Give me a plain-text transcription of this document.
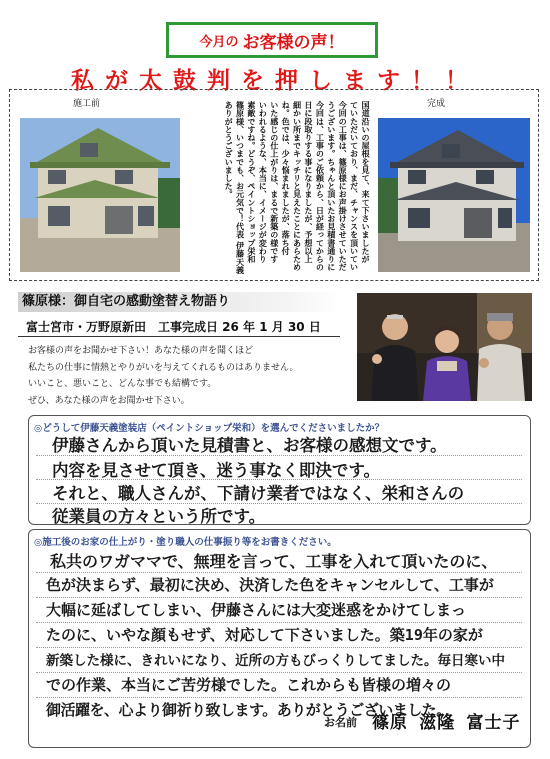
今月の お客様の声！
私が太鼓判を押します！！
施工前	完成

国道沿いの屋根を見て、来て下さいましたが

ていただいており、まだ、チャンスを頂いてい

今回の工事は、篠原様にお声掛けさせていただ

うございます。ちゃんと頂いたお見積書通りに

今回は、工事のご依頼から、日が経ってからの

日に段取りする事になりましたが、予想以上

細かい所までキッチリと見えたことにあらため

ね。色では、少々悩まれましたが、落ち付

いた感じの仕上がりは、まるで新築の様です

いわれるような、本当に、イメージが変わり

素敵ですね。どうぞ、ペイントショップ栄和

篠原様、いつまでも、お元気で！代表 伊藤天義

ありがとうございました。

篠原様：御自宅の感動塗替え物語り
富士宮市・万野原新田　工事完成日 26 年 1 月 30 日
お客様の声をお聞かせ下さい！あなた様の声を聞くほど
私たちの仕事に情熱とやりがいを与えてくれるものはありません。
いいこと、悪いこと、どんな事でも結構です。
ぜひ、あなた様の声をお聞かせ下さい。
◎どうして伊藤天義塗装店（ペイントショップ栄和）を選んでくださいましたか？
伊藤さんから頂いた見積書と、お客様の感想文です。
内容を見させて頂き、迷う事なく即決です。
それと、職人さんが、下請け業者ではなく、栄和さんの
従業員の方々という所です。
◎施工後のお家の仕上がり・塗り職人の仕事振り等をお書きください。
私共のワガママで、無理を言って、工事を入れて頂いたのに、
色が決まらず、最初に決め、決済した色をキャンセルして、工事が
大幅に延ばしてしまい、伊藤さんには大変迷惑をかけてしまっ
たのに、いやな顔もせず、対応して下さいました。築19年の家が
新築した様に、きれいになり、近所の方もびっくりしてました。毎日寒い中
での作業、本当にご苦労様でした。これからも皆様の増々の
御活躍を、心より御祈り致します。ありがとうございました。
お名前 篠原 滋隆 富士子
